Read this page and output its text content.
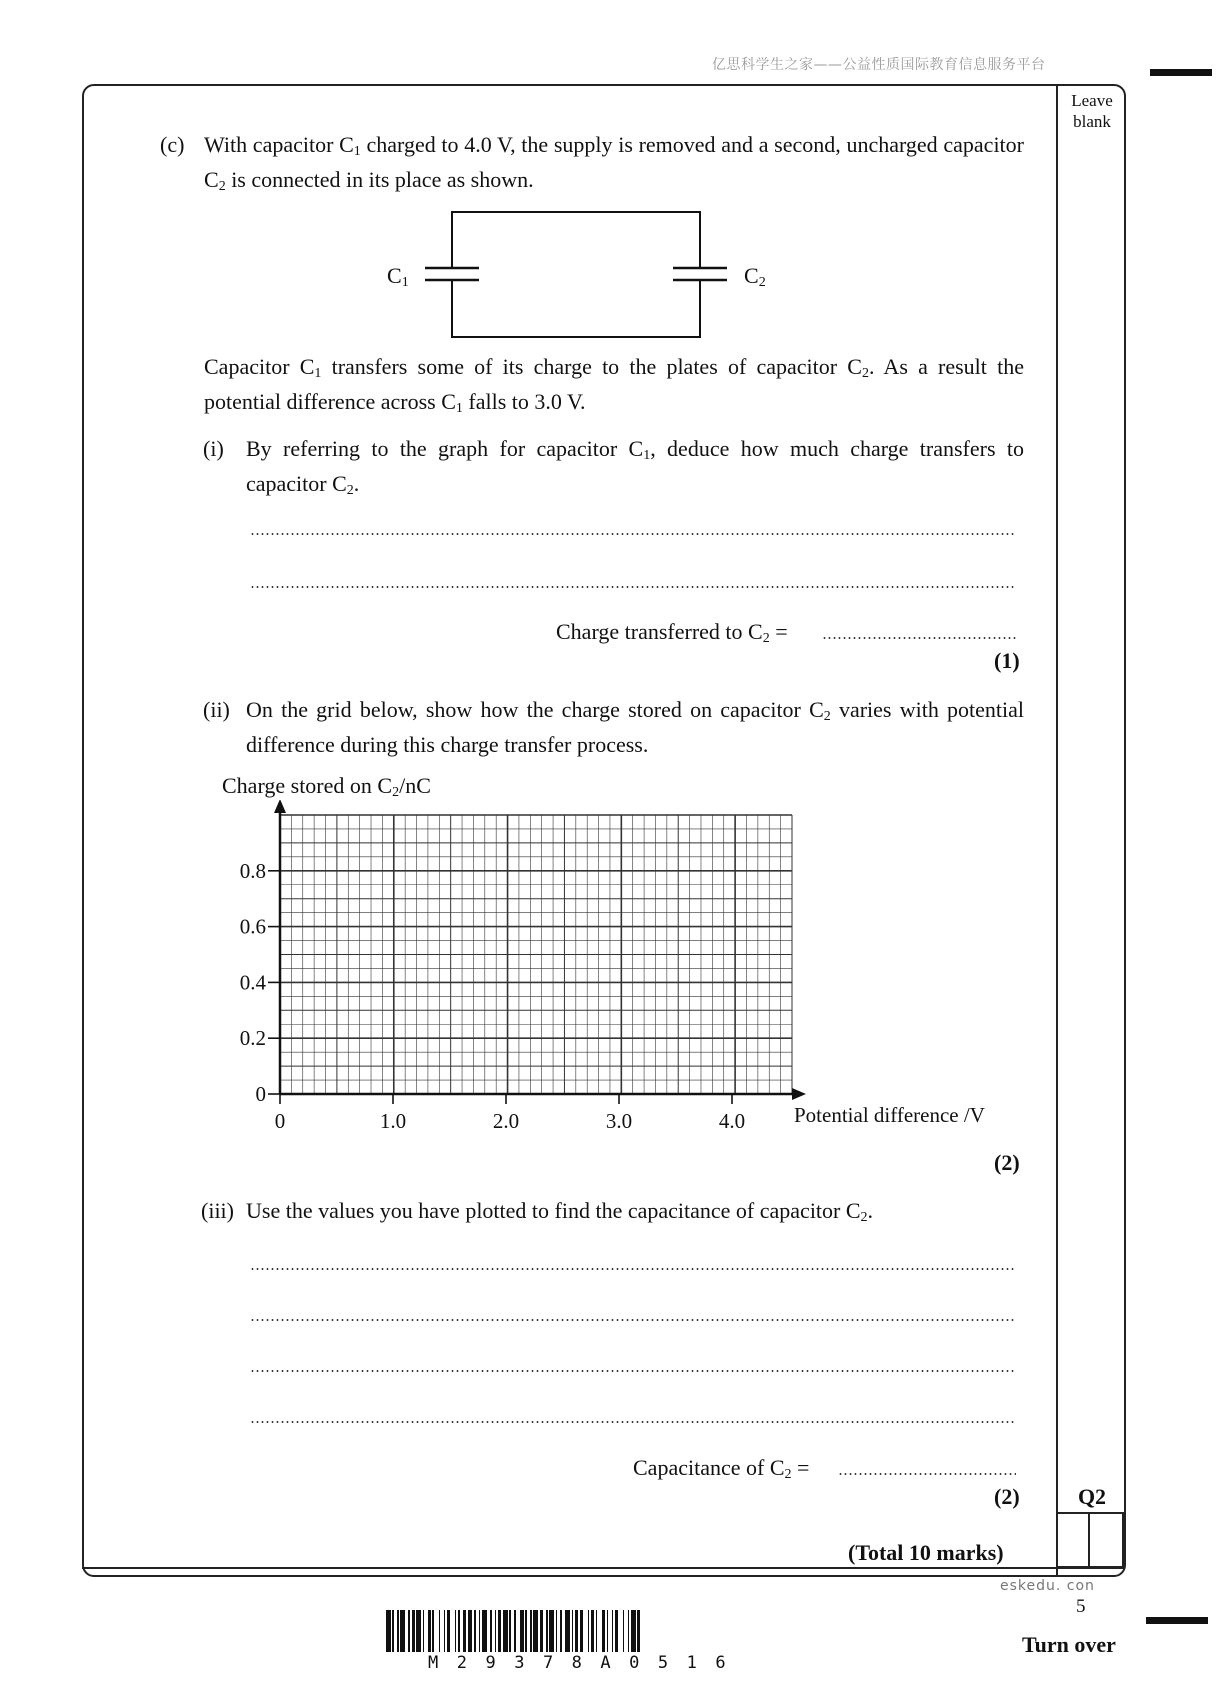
亿思科学生之家——公益性质国际教育信息服务平台
Leave blank
Q2
(c) With capacitor $C_1$ charged to 4.0 V, the supply is removed and a second, uncharged capacitor $C_2$ is connected in its place as shown.
$C_1$	$C_2$
Capacitor $C_1$ transfers some of its charge to the plates of capacitor $C_2$. As a result the potential difference across $C_1$ falls to 3.0 V.
(i) By referring to the graph for capacitor $C_1$, deduce how much charge transfers to capacitor $C_2$.
Charge transferred to $C_2$ =
(1)
(ii) On the grid below, show how the charge stored on capacitor $C_2$ varies with potential difference during this charge transfer process.
Charge stored on $C_2/nC$
0
0.2
0.4
0.6
0.8
0	1.0	2.0	3.0	4.0 Potential difference /V
(2)
(iii) Use the values you have plotted to find the capacitance of capacitor $C_2$.
Capacitance of $C_2$ =
(2)
(Total 10 marks)
eskedu. con
5
Turn over
M29378A0516
